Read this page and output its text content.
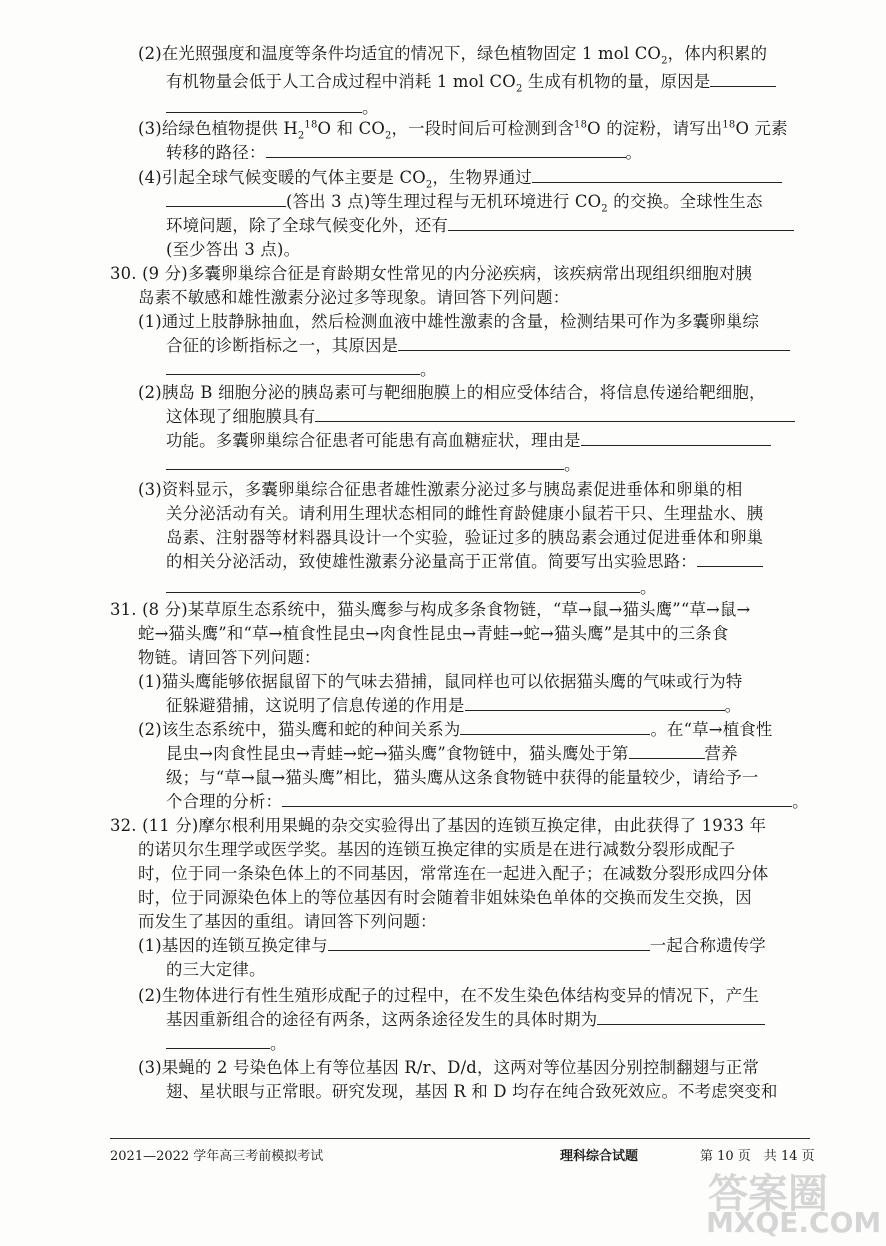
(2)在光照强度和温度等条件均适宜的情况下，绿色植物固定 1 mol $CO_2$，体内积累的
有机物量会低于人工合成过程中消耗 1 mol $CO_2$ 生成有机物的量，原因是
。
(3)给绿色植物提供 $H_2^{18}O$ 和 $CO_2$，一段时间后可检测到含$^{18}$O 的淀粉，请写出$^{18}$O 元素
转移的路径：	。
(4)引起全球气候变暖的气体主要是 $CO_2$，生物界通过
(答出 3 点)等生理过程与无机环境进行 $CO_2$ 的交换。全球性生态
环境问题，除了全球气候变化外，还有
(至少答出 3 点)。
30. (9 分)多囊卵巢综合征是育龄期女性常见的内分泌疾病，该疾病常出现组织细胞对胰
岛素不敏感和雄性激素分泌过多等现象。请回答下列问题：
(1)通过上肢静脉抽血，然后检测血液中雄性激素的含量，检测结果可作为多囊卵巢综
合征的诊断指标之一，其原因是
。
(2)胰岛 B 细胞分泌的胰岛素可与靶细胞膜上的相应受体结合，将信息传递给靶细胞，
这体现了细胞膜具有
功能。多囊卵巢综合征患者可能患有高血糖症状，理由是
。
(3)资料显示，多囊卵巢综合征患者雄性激素分泌过多与胰岛素促进垂体和卵巢的相
关分泌活动有关。请利用生理状态相同的雌性育龄健康小鼠若干只、生理盐水、胰
岛素、注射器等材料器具设计一个实验，验证过多的胰岛素会通过促进垂体和卵巢
的相关分泌活动，致使雄性激素分泌量高于正常值。简要写出实验思路：
。
31. (8 分)某草原生态系统中，猫头鹰参与构成多条食物链，“草→鼠→猫头鹰”“草→鼠→
蛇→猫头鹰”和“草→植食性昆虫→肉食性昆虫→青蛙→蛇→猫头鹰”是其中的三条食
物链。请回答下列问题：
(1)猫头鹰能够依据鼠留下的气味去猎捕，鼠同样也可以依据猫头鹰的气味或行为特
征躲避猎捕，这说明了信息传递的作用是	。
(2)该生态系统中，猫头鹰和蛇的种间关系为	。在“草→植食性
昆虫→肉食性昆虫→青蛙→蛇→猫头鹰”食物链中，猫头鹰处于第	营养
级；与“草→鼠→猫头鹰”相比，猫头鹰从这条食物链中获得的能量较少，请给予一
个合理的分析：	。
32. (11 分)摩尔根利用果蝇的杂交实验得出了基因的连锁互换定律，由此获得了 1933 年
的诺贝尔生理学或医学奖。基因的连锁互换定律的实质是在进行减数分裂形成配子
时，位于同一条染色体上的不同基因，常常连在一起进入配子；在减数分裂形成四分体
时，位于同源染色体上的等位基因有时会随着非姐妹染色单体的交换而发生交换，因
而发生了基因的重组。请回答下列问题：
(1)基因的连锁互换定律与	一起合称遗传学
的三大定律。
(2)生物体进行有性生殖形成配子的过程中，在不发生染色体结构变异的情况下，产生
基因重新组合的途径有两条，这两条途径发生的具体时期为
。
(3)果蝇的 2 号染色体上有等位基因 R/r、D/d，这两对等位基因分别控制翻翅与正常
翅、星状眼与正常眼。研究发现，基因 R 和 D 均存在纯合致死效应。不考虑突变和
2021—2022 学年高三考前模拟考试	理科综合试题	第 10 页　共 14 页
答案圈
MXQE.COM
